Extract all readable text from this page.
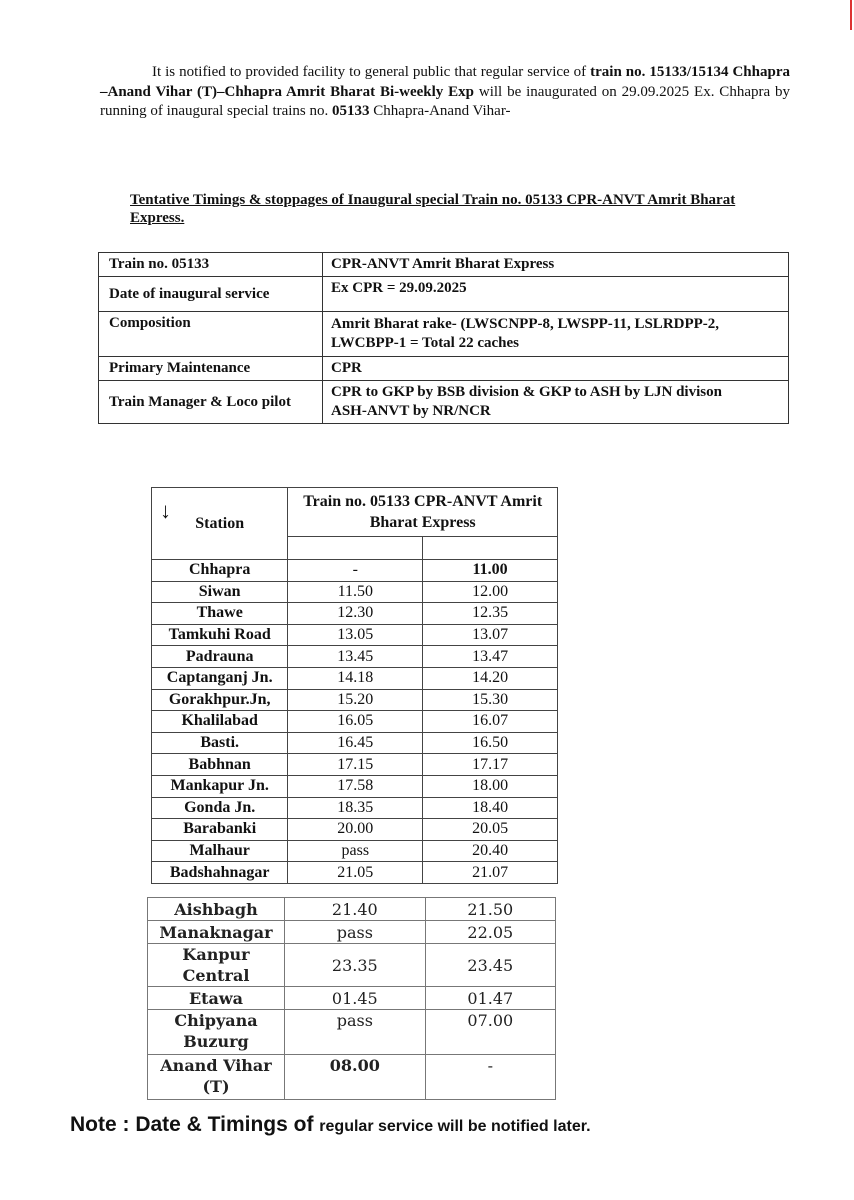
It is notified to provided facility to general public that regular service of train no. 15133/15134 Chhapra –Anand Vihar (T)–Chhapra Amrit Bharat Bi-weekly Exp will be inaugurated on 29.09.2025 Ex. Chhapra by running of inaugural special trains no. 05133 Chhapra-Anand Vihar-
Tentative Timings & stoppages of Inaugural special Train no. 05133 CPR-ANVT Amrit Bharat Express.
Train no. 05133	CPR-ANVT Amrit Bharat Express
Date of inaugural service	Ex CPR = 29.09.2025
Composition	Amrit Bharat rake- (LWSCNPP-8, LWSPP-11, LSLRDPP-2, LWCBPP-1 = Total 22 caches
Primary Maintenance	CPR
Train Manager & Loco pilot	CPR to GKP by BSB division & GKP to ASH by LJN divison
ASH-ANVT by NR/NCR
↓ Station	Train no. 05133 CPR-ANVT Amrit Bharat Express	

Chhapra	-	11.00
Siwan	11.50	12.00
Thawe	12.30	12.35
Tamkuhi Road	13.05	13.07
Padrauna	13.45	13.47
Captanganj Jn.	14.18	14.20
Gorakhpur.Jn,	15.20	15.30
Khalilabad	16.05	16.07
Basti.	16.45	16.50
Babhnan	17.15	17.17
Mankapur Jn.	17.58	18.00
Gonda Jn.	18.35	18.40
Barabanki	20.00	20.05
Malhaur	pass	20.40
Badshahnagar	21.05	21.07
Aishbagh	21.40	21.50
Manaknagar	pass	22.05
Kanpur Central	23.35	23.45
Etawa	01.45	01.47
Chipyana Buzurg	pass	07.00
Anand Vihar (T)	08.00	-
Note : Date & Timings of regular service will be notified later.
